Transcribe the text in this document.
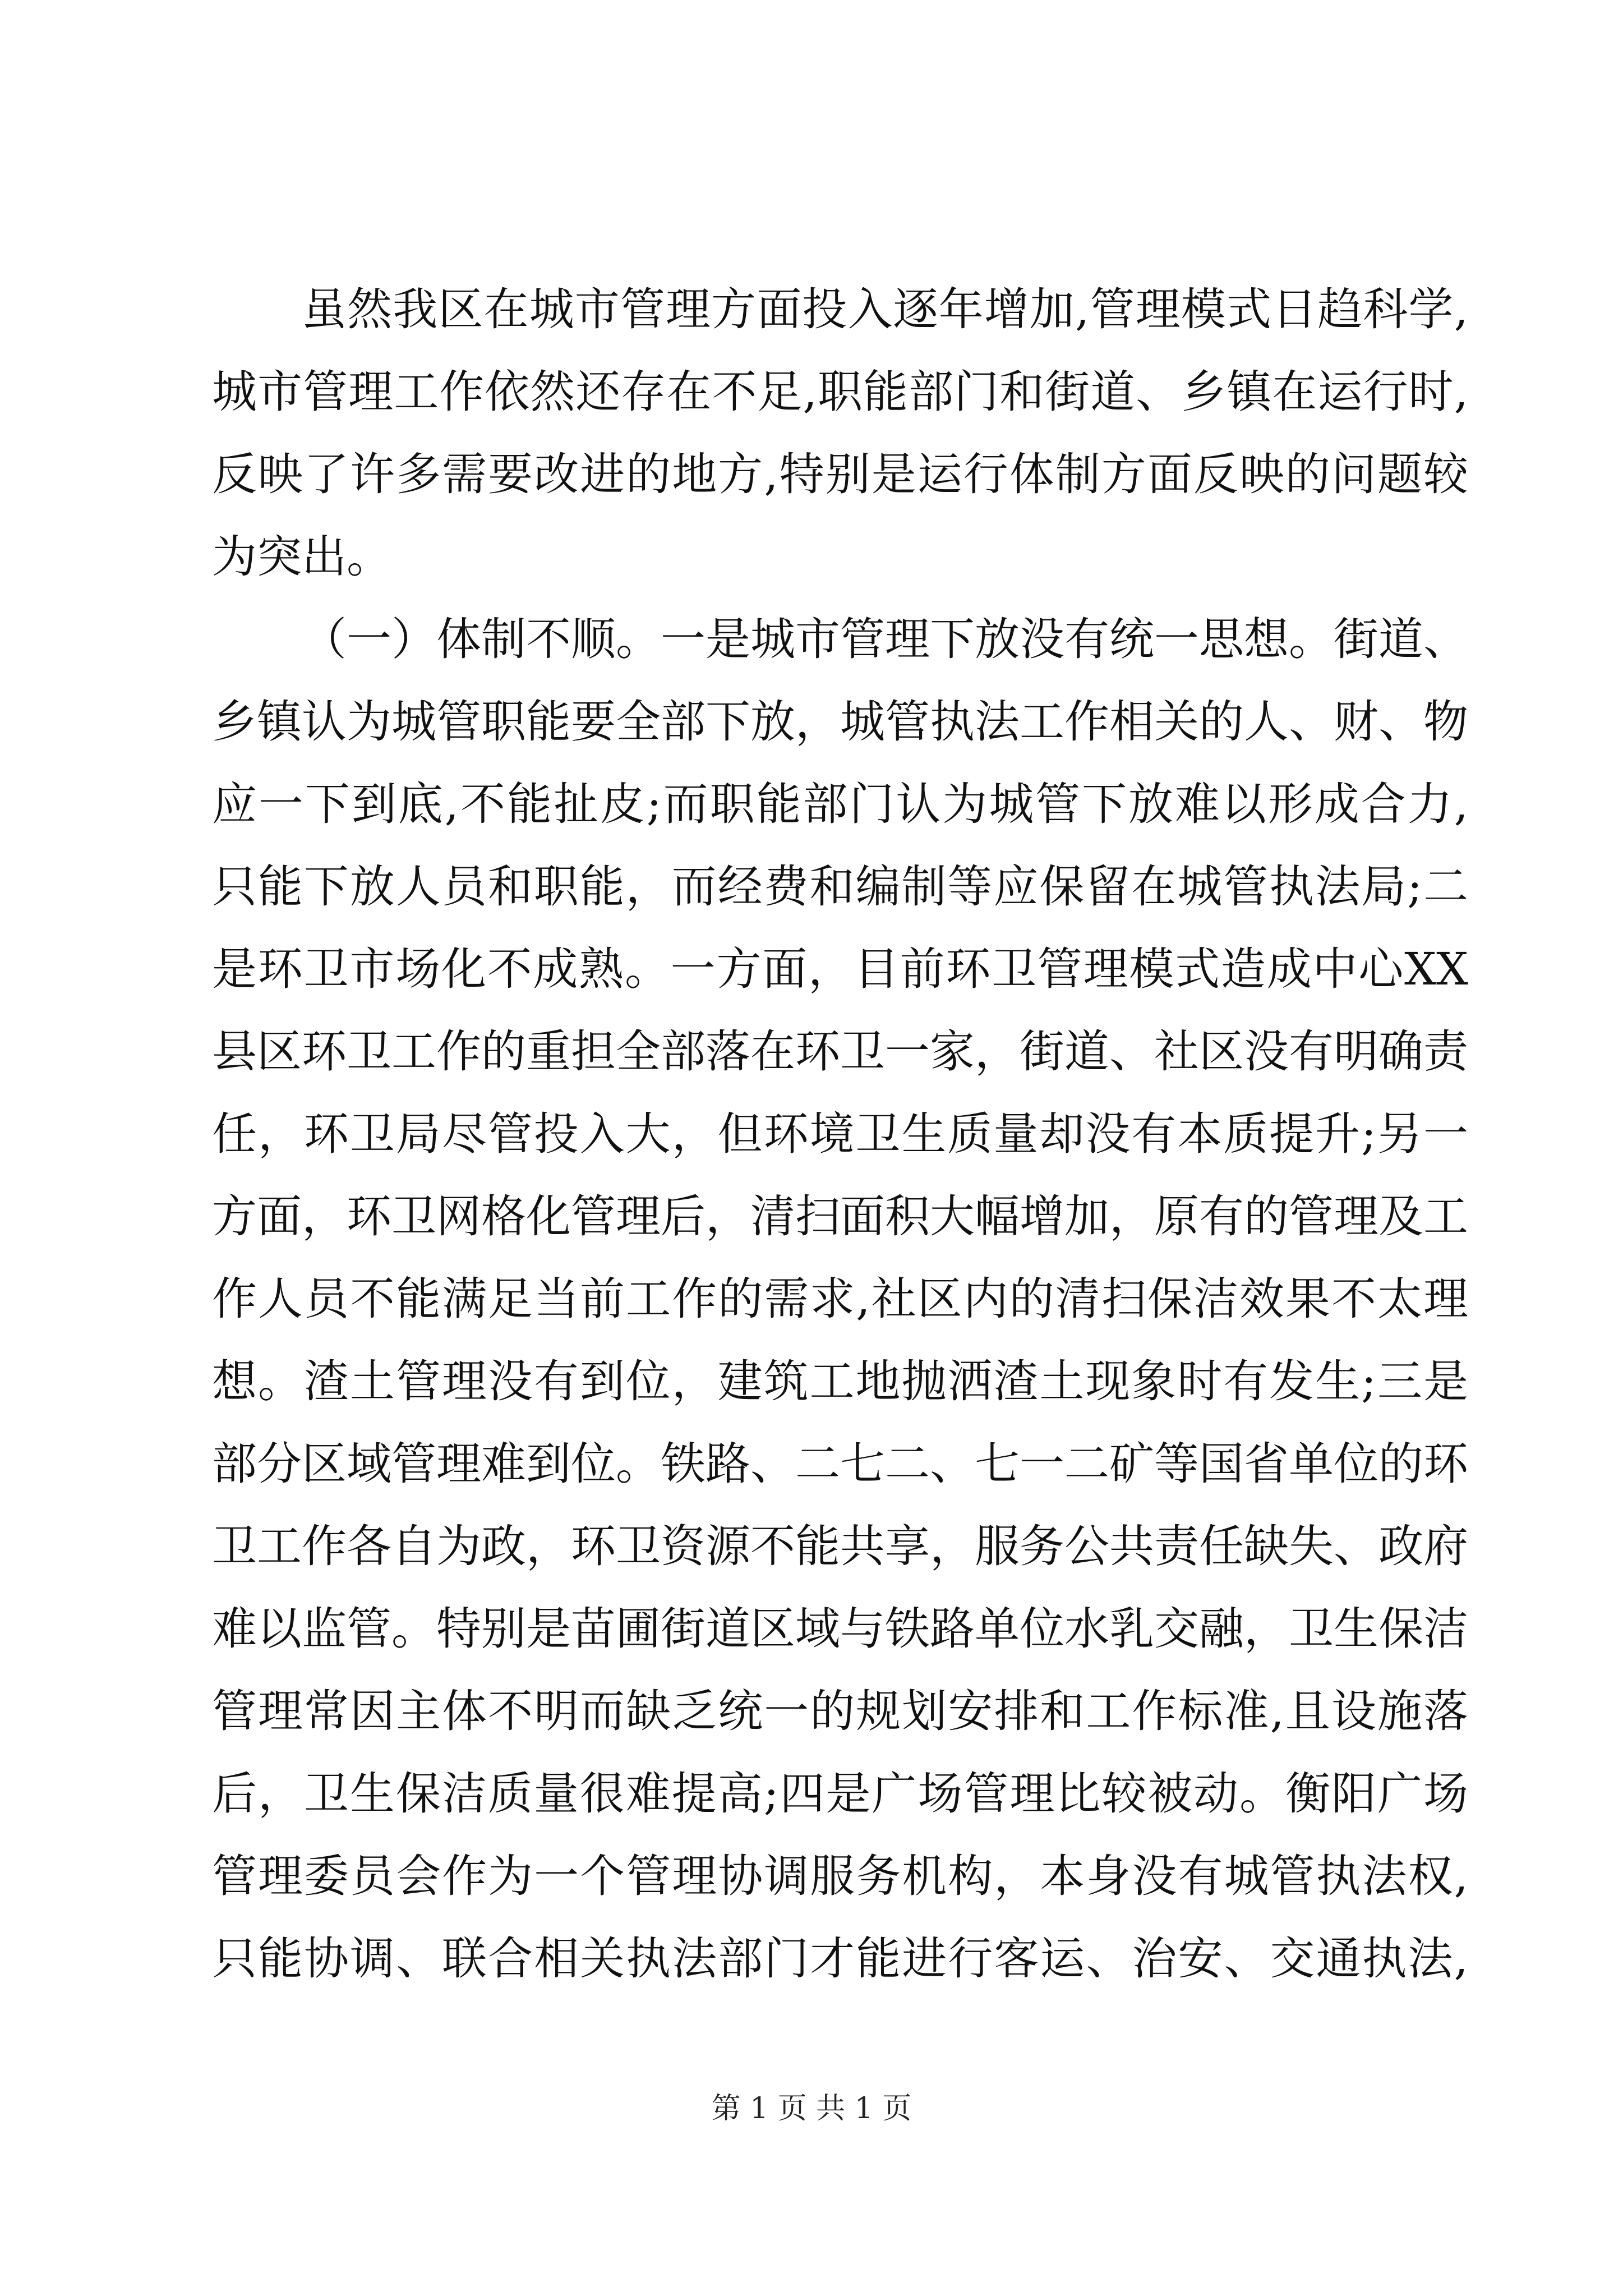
虽然我区在城市管理方面投入逐年增加,管理模式日趋科学,
城市管理工作依然还存在不足,职能部门和街道、乡镇在运行时,
反映了许多需要改进的地方,特别是运行体制方面反映的问题较
为突出。

（一）体制不顺。一是城市管理下放没有统一思想。街道、
乡镇认为城管职能要全部下放，城管执法工作相关的人、财、物
应一下到底,不能扯皮;而职能部门认为城管下放难以形成合力,
只能下放人员和职能，而经费和编制等应保留在城管执法局;二
是环卫市场化不成熟。一方面，目前环卫管理模式造成中心XX
县区环卫工作的重担全部落在环卫一家，街道、社区没有明确责
任，环卫局尽管投入大，但环境卫生质量却没有本质提升;另一
方面，环卫网格化管理后，清扫面积大幅增加，原有的管理及工
作人员不能满足当前工作的需求,社区内的清扫保洁效果不太理
想。渣土管理没有到位，建筑工地抛洒渣土现象时有发生;三是
部分区域管理难到位。铁路、二七二、七一二矿等国省单位的环
卫工作各自为政，环卫资源不能共享，服务公共责任缺失、政府
难以监管。特别是苗圃街道区域与铁路单位水乳交融，卫生保洁
管理常因主体不明而缺乏统一的规划安排和工作标准,且设施落
后，卫生保洁质量很难提高;四是广场管理比较被动。衡阳广场
管理委员会作为一个管理协调服务机构，本身没有城管执法权,
只能协调、联合相关执法部门才能进行客运、治安、交通执法,

第 1 页 共 1 页
